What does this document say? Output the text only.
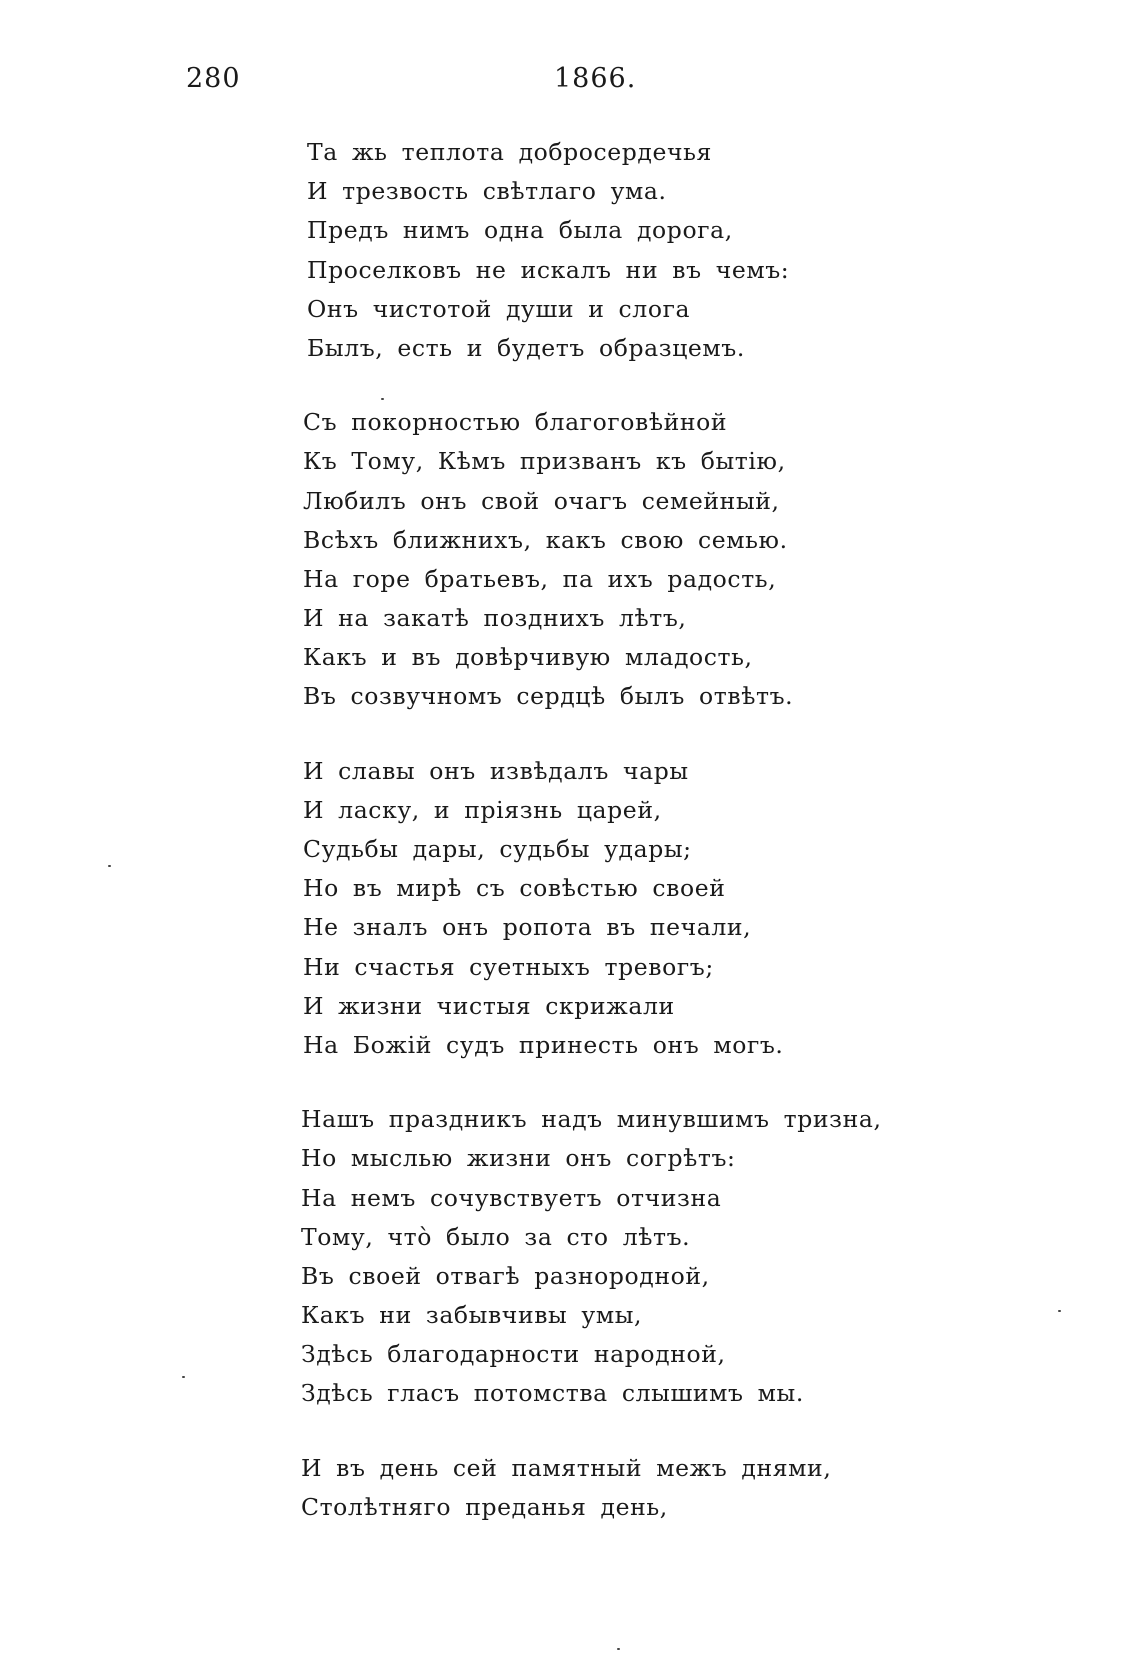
280	1866.
Та жь теплота добросердечья
И трезвость свѣтлаго ума.
Предъ нимъ одна была дорога,
Проселковъ не искалъ ни въ чемъ:
Онъ чистотой души и слога
Былъ, есть и будетъ образцемъ.
Съ покорностью благоговѣйной
Къ Тому, Кѣмъ призванъ къ бытію,
Любилъ онъ свой очагъ семейный,
Всѣхъ ближнихъ, какъ свою семью.
На горе братьевъ, па ихъ радость,
И на закатѣ позднихъ лѣтъ,
Какъ и въ довѣрчивую младость,
Въ созвучномъ сердцѣ былъ отвѣтъ.
И славы онъ извѣдалъ чары
И ласку, и пріязнь царей,
Судьбы дары, судьбы удары;
Но въ мирѣ съ совѣстью своей
Не зналъ онъ ропота въ печали,
Ни счастья суетныхъ тревогъ;
И жизни чистыя скрижали
На Божій судъ принесть онъ могъ.
Нашъ праздникъ надъ минувшимъ тризна,
Но мыслью жизни онъ согрѣтъ:
На немъ сочувствуетъ отчизна
Тому, что̀ было за сто лѣтъ.
Въ своей отвагѣ разнородной,
Какъ ни забывчивы умы,
Здѣсь благодарности народной,
Здѣсь гласъ потомства слышимъ мы.
И въ день сей памятный межъ днями,
Столѣтняго преданья день,
